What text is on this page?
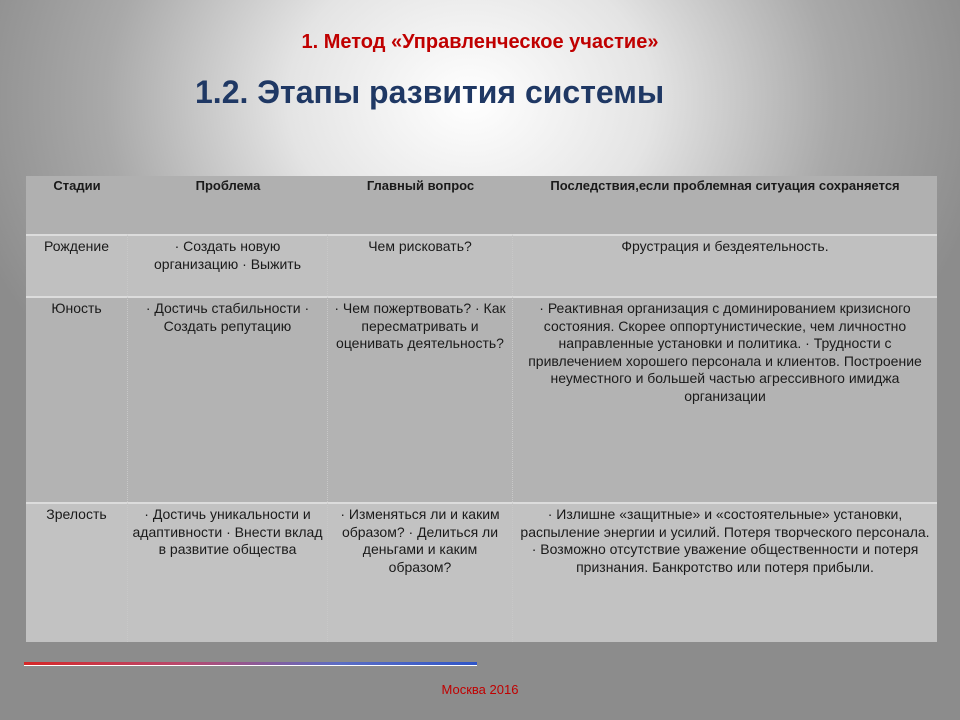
1. Метод «Управленческое участие»
1.2. Этапы развития системы
Стадии	Проблема	Главный вопрос	Последствия,если проблемная ситуация сохраняется
Рождение	· Создать новую организацию · Выжить	Чем рисковать?	Фрустрация и бездеятельность.
Юность	· Достичь стабильности · Создать репутацию	· Чем пожертвовать? · Как пересматривать и оценивать деятельность?	· Реактивная организация с доминированием кризисного состояния. Скорее оппортунистические, чем личностно направленные установки и политика. · Трудности с привлечением хорошего персонала и клиентов. Построение неуместного и большей частью агрессивного имиджа организации
Зрелость	· Достичь уникальности и адаптивности · Внести вклад в развитие общества	· Изменяться ли и каким образом? · Делиться ли деньгами и каким образом?	· Излишне «защитные» и «состоятельные» установки, распыление энергии и усилий. Потеря творческого персонала. · Возможно отсутствие уважение общественности и потеря признания. Банкротство или потеря прибыли.

Москва 2016
